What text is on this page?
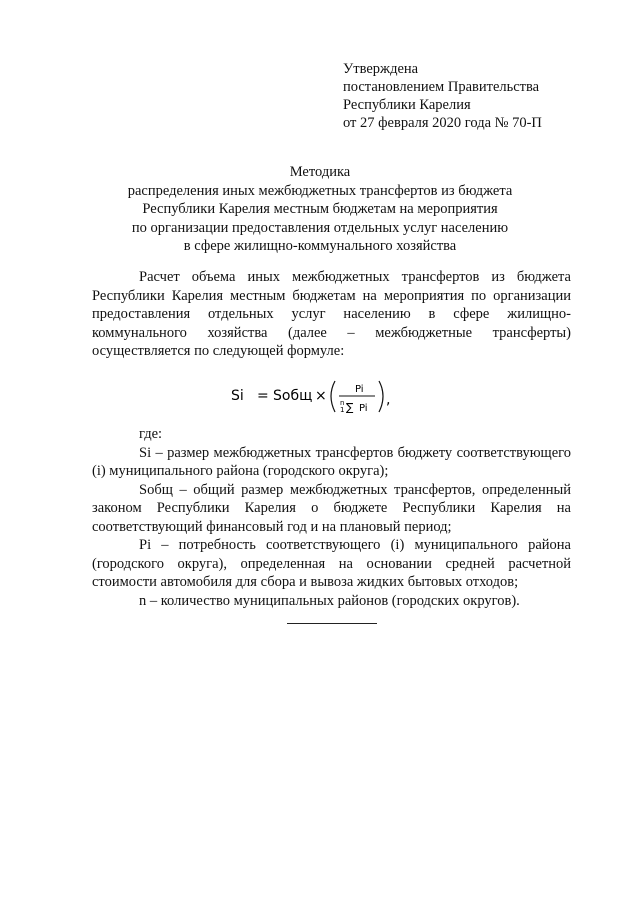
Утверждена
постановлением Правительства
Республики Карелия
от 27 февраля 2020 года № 70-П
Методика
распределения иных межбюджетных трансфертов из бюджета
Республики Карелия местным бюджетам на мероприятия
по организации предоставления отдельных услуг населению
в сфере жилищно-коммунального хозяйства

Расчет объема иных межбюджетных трансфертов из бюджета Республики Карелия местным бюджетам на мероприятия по организации предоставления отдельных услуг населению в сфере жилищно-коммунального хозяйства (далее – межбюджетные трансферты) осуществляется по следующей формуле:

Si = Sобщ ×	Pi
n
1 ∑ Pi
,

где:

Si – размер межбюджетных трансфертов бюджету соответствующего (i) муниципального района (городского округа);

Sобщ – общий размер межбюджетных трансфертов, определенный законом Республики Карелия о бюджете Республики Карелия на соответствующий финансовый год и на плановый период;

Pi – потребность соответствующего (i) муниципального района (городского округа), определенная на основании средней расчетной стоимости автомобиля для сбора и вывоза жидких бытовых отходов;

n – количество муниципальных районов (городских округов).
